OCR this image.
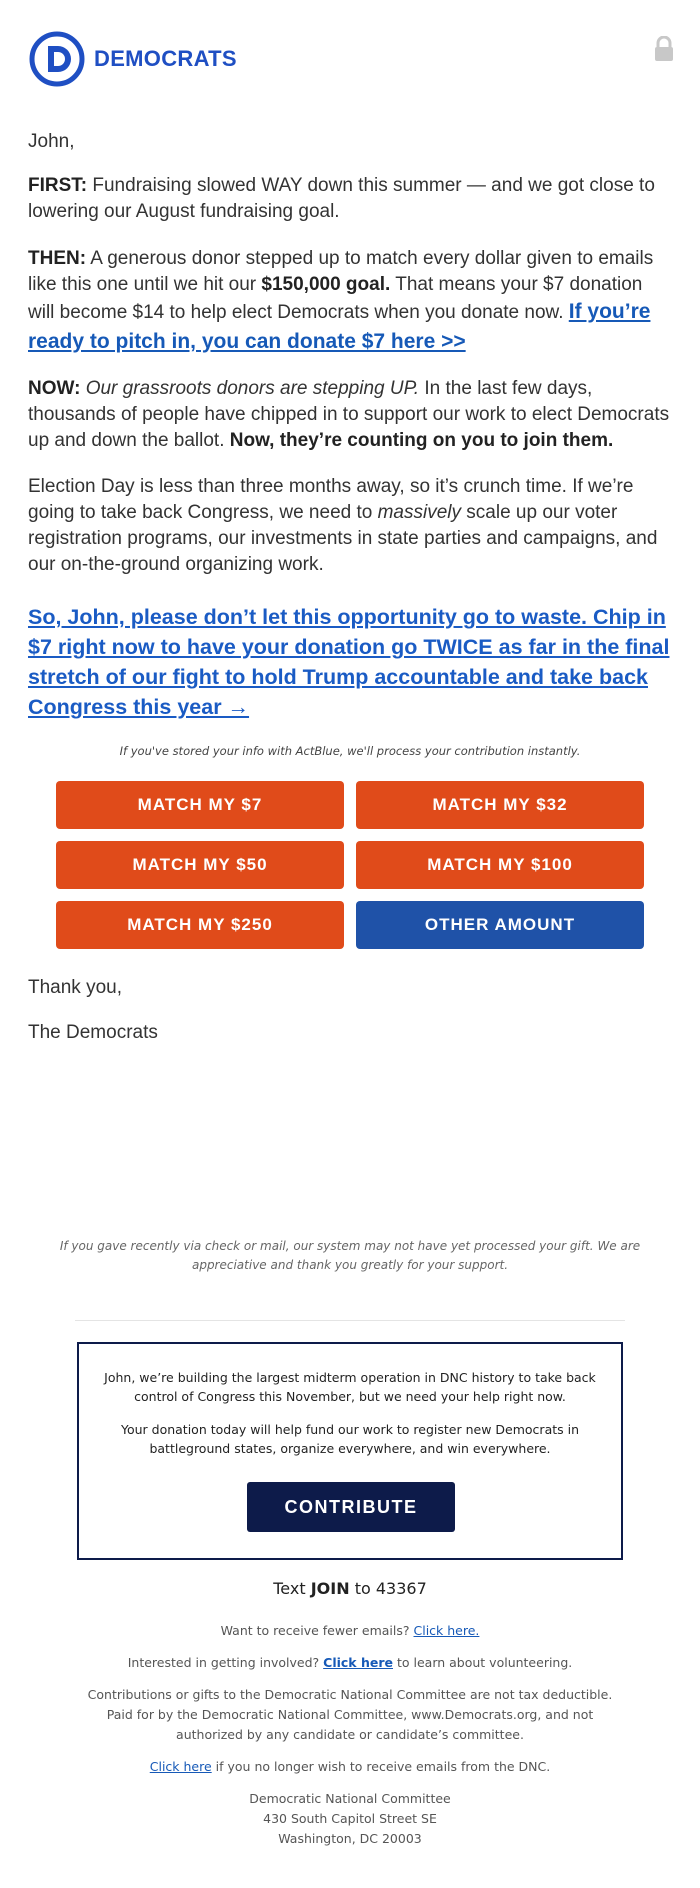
DEMOCRATS

John,

FIRST: Fundraising slowed WAY down this summer — and we got close to lowering our August fundraising goal.

THEN: A generous donor stepped up to match every dollar given to emails like this one until we hit our $150,000 goal. That means your $7 donation will become $14 to help elect Democrats when you donate now. If you’re ready to pitch in, you can donate $7 here >>

NOW: Our grassroots donors are stepping UP. In the last few days, thousands of people have chipped in to support our work to elect Democrats up and down the ballot. Now, they’re counting on you to join them.

Election Day is less than three months away, so it’s crunch time. If we’re going to take back Congress, we need to massively scale up our voter registration programs, our investments in state parties and campaigns, and our on-the-ground organizing work.

So, John, please don’t let this opportunity go to waste. Chip in $7 right now to have your donation go TWICE as far in the final stretch of our fight to hold Trump accountable and take back Congress this year →
If you've stored your info with ActBlue, we'll process your contribution instantly.
MATCH MY $7	MATCH MY $32
MATCH MY $50	MATCH MY $100
MATCH MY $250	OTHER AMOUNT
Thank you,
The Democrats
If you gave recently via check or mail, our system may not have yet processed your gift. We are appreciative and thank you greatly for your support.

John, we’re building the largest midterm operation in DNC history to take back control of Congress this November, but we need your help right now.

Your donation today will help fund our work to register new Democrats in battleground states, organize everywhere, and win everywhere.

CONTRIBUTE
Text JOIN to 43367
Want to receive fewer emails? Click here.
Interested in getting involved? Click here to learn about volunteering.
Contributions or gifts to the Democratic National Committee are not tax deductible. Paid for by the Democratic National Committee, www.Democrats.org, and not authorized by any candidate or candidate’s committee.
Click here if you no longer wish to receive emails from the DNC.
Democratic National Committee
430 South Capitol Street SE
Washington, DC 20003
